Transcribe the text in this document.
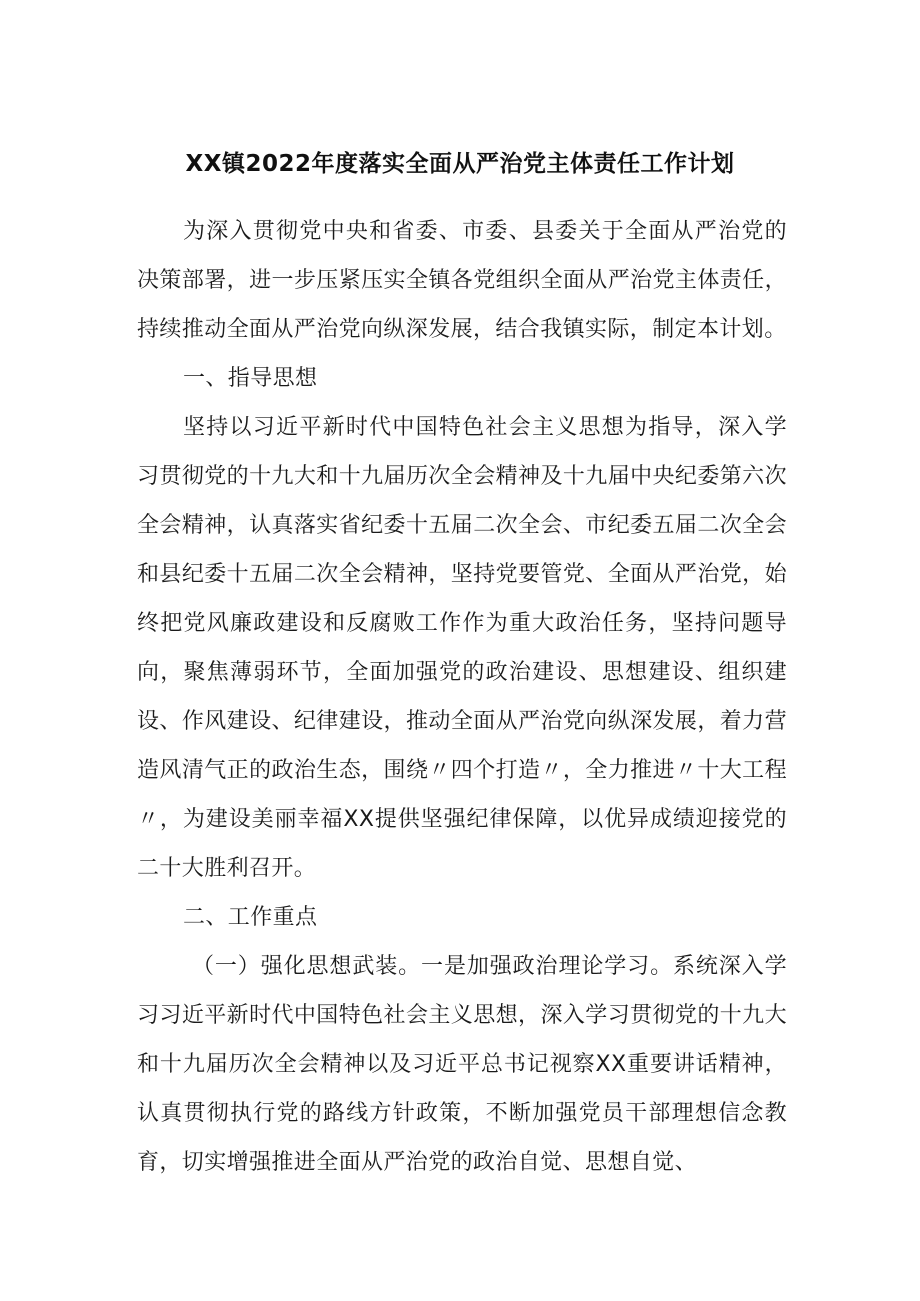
XX镇2022年度落实全面从严治党主体责任工作计划

为深入贯彻党中央和省委、市委、县委关于全面从严治党的决策部署，进一步压紧压实全镇各党组织全面从严治党主体责任，持续推动全面从严治党向纵深发展，结合我镇实际，制定本计划。

一、指导思想

坚持以习近平新时代中国特色社会主义思想为指导，深入学习贯彻党的十九大和十九届历次全会精神及十九届中央纪委第六次全会精神，认真落实省纪委十五届二次全会、市纪委五届二次全会和县纪委十五届二次全会精神，坚持党要管党、全面从严治党，始终把党风廉政建设和反腐败工作作为重大政治任务，坚持问题导向，聚焦薄弱环节，全面加强党的政治建设、思想建设、组织建设、作风建设、纪律建设，推动全面从严治党向纵深发展，着力营造风清气正的政治生态，围绕〃四个打造〃，全力推进〃十大工程〃，为建设美丽幸福XX提供坚强纪律保障，以优异成绩迎接党的二十大胜利召开。

二、工作重点

（一）强化思想武装。一是加强政治理论学习。系统深入学习习近平新时代中国特色社会主义思想，深入学习贯彻党的十九大和十九届历次全会精神以及习近平总书记视察XX重要讲话精神，认真贯彻执行党的路线方针政策，不断加强党员干部理想信念教育，切实增强推进全面从严治党的政治自觉、思想自觉、
